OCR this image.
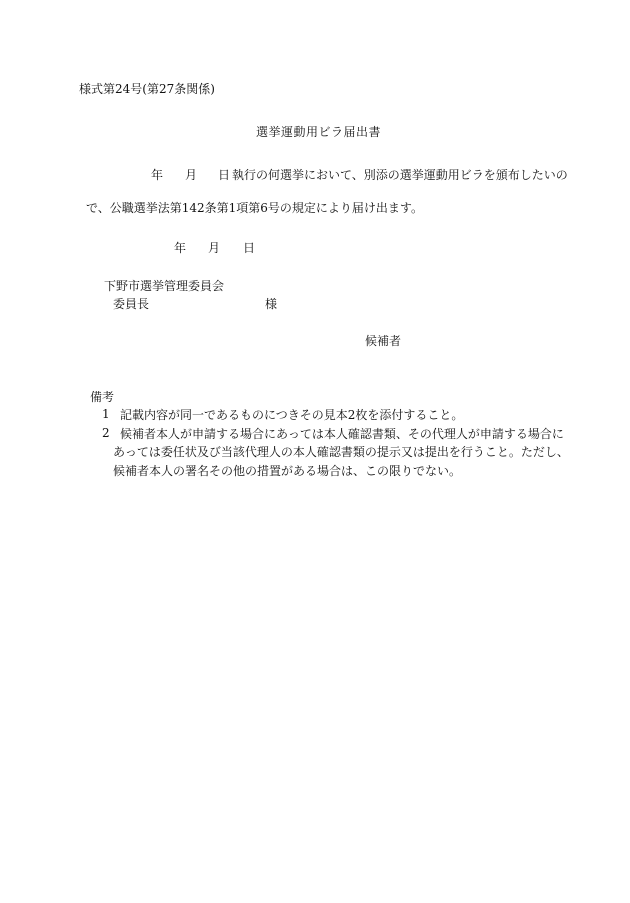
様式第24号(第27条関係)
選挙運動用ビラ届出書
年 月 日 執行の何選挙において、別添の選挙運動用ビラを頒布したいの
で、公職選挙法第142条第1項第6号の規定により届け出ます。
年 月 日
下野市選挙管理委員会
委員長	様
候補者
備考
1 記載内容が同一であるものにつきその見本2枚を添付すること。
2 候補者本人が申請する場合にあっては本人確認書類、その代理人が申請する場合に
あっては委任状及び当該代理人の本人確認書類の提示又は提出を行うこと。ただし、
候補者本人の署名その他の措置がある場合は、この限りでない。
